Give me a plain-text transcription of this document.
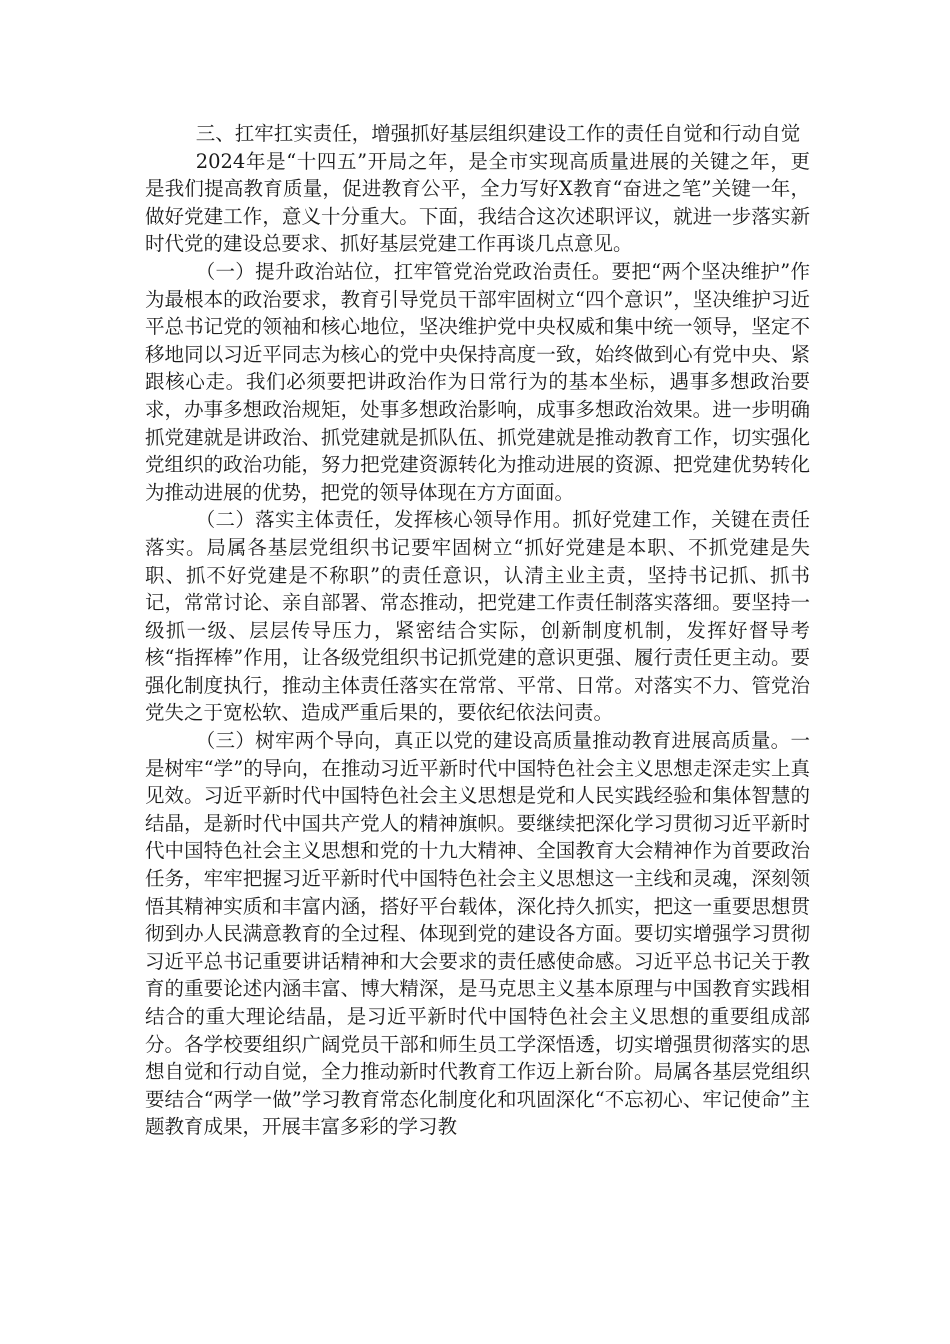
三、扛牢扛实责任，增强抓好基层组织建设工作的责任自觉和行动自觉

2024年是“十四五”开局之年，是全市实现高质量进展的关键之年，更是我们提高教育质量，促进教育公平，全力写好X教育“奋进之笔”关键一年，做好党建工作，意义十分重大。下面，我结合这次述职评议，就进一步落实新时代党的建设总要求、抓好基层党建工作再谈几点意见。

（一）提升政治站位，扛牢管党治党政治责任。要把“两个坚决维护”作为最根本的政治要求，教育引导党员干部牢固树立“四个意识”，坚决维护习近平总书记党的领袖和核心地位，坚决维护党中央权威和集中统一领导，坚定不移地同以习近平同志为核心的党中央保持高度一致，始终做到心有党中央、紧跟核心走。我们必须要把讲政治作为日常行为的基本坐标，遇事多想政治要求，办事多想政治规矩，处事多想政治影响，成事多想政治效果。进一步明确抓党建就是讲政治、抓党建就是抓队伍、抓党建就是推动教育工作，切实强化党组织的政治功能，努力把党建资源转化为推动进展的资源、把党建优势转化为推动进展的优势，把党的领导体现在方方面面。

（二）落实主体责任，发挥核心领导作用。抓好党建工作，关键在责任落实。局属各基层党组织书记要牢固树立“抓好党建是本职、不抓党建是失职、抓不好党建是不称职”的责任意识，认清主业主责，坚持书记抓、抓书记，常常讨论、亲自部署、常态推动，把党建工作责任制落实落细。要坚持一级抓一级、层层传导压力，紧密结合实际，创新制度机制，发挥好督导考核“指挥棒”作用，让各级党组织书记抓党建的意识更强、履行责任更主动。要强化制度执行，推动主体责任落实在常常、平常、日常。对落实不力、管党治党失之于宽松软、造成严重后果的，要依纪依法问责。

（三）树牢两个导向，真正以党的建设高质量推动教育进展高质量。一是树牢“学”的导向，在推动习近平新时代中国特色社会主义思想走深走实上真见效。习近平新时代中国特色社会主义思想是党和人民实践经验和集体智慧的结晶，是新时代中国共产党人的精神旗帜。要继续把深化学习贯彻习近平新时代中国特色社会主义思想和党的十九大精神、全国教育大会精神作为首要政治任务，牢牢把握习近平新时代中国特色社会主义思想这一主线和灵魂，深刻领悟其精神实质和丰富内涵，搭好平台载体，深化持久抓实，把这一重要思想贯彻到办人民满意教育的全过程、体现到党的建设各方面。要切实增强学习贯彻习近平总书记重要讲话精神和大会要求的责任感使命感。习近平总书记关于教育的重要论述内涵丰富、博大精深，是马克思主义基本原理与中国教育实践相结合的重大理论结晶，是习近平新时代中国特色社会主义思想的重要组成部分。各学校要组织广阔党员干部和师生员工学深悟透，切实增强贯彻落实的思想自觉和行动自觉，全力推动新时代教育工作迈上新台阶。局属各基层党组织要结合“两学一做”学习教育常态化制度化和巩固深化“不忘初心、牢记使命”主题教育成果，开展丰富多彩的学习教
